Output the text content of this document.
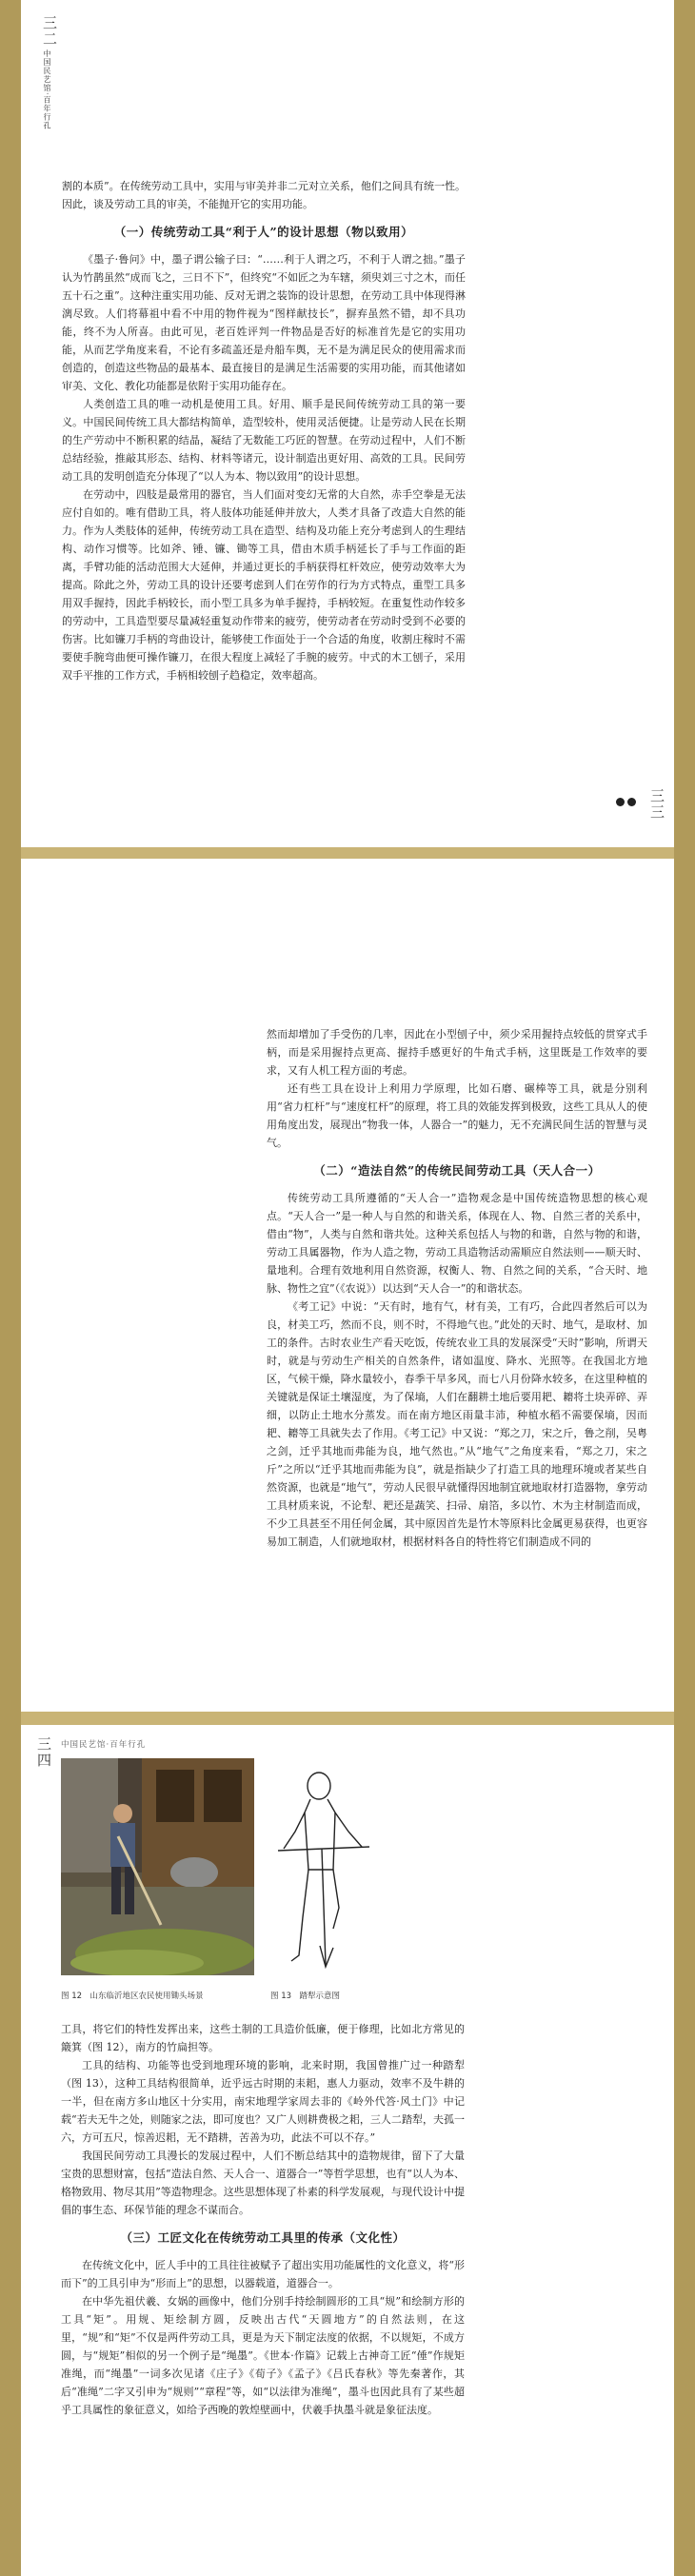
三二
中国民艺馆·百年行孔

割的本质”。在传统劳动工具中，实用与审美并非二元对立关系，他们之间具有统一性。因此，谈及劳动工具的审美，不能抛开它的实用功能。

（一）传统劳动工具“利于人”的设计思想（物以致用）

《墨子·鲁问》中，墨子谓公输子曰：“……利于人谓之巧，不利于人谓之拙。”墨子认为竹鹊虽然“成而飞之，三日不下”，但终究“不如匠之为车辖，须臾刘三寸之木，而任五十石之重”。这种注重实用功能、反对无谓之装饰的设计思想，在劳动工具中体现得淋漓尽致。人们将幕祖中看不中用的物件视为“图样献技长”，摒弃虽然不错，却不具功能，终不为人所喜。由此可见，老百姓评判一件物品是否好的标准首先是它的实用功能，从而艺学角度来看，不论有多疏盖还是舟船车舆，无不是为满足民众的使用需求而创造的，创造这些物品的最基本、最直接目的是满足生活需要的实用功能，而其他诸如审美、文化、教化功能都是依附于实用功能存在。

人类创造工具的唯一动机是使用工具。好用、顺手是民间传统劳动工具的第一要义。中国民间传统工具大都结构简单，造型较朴，使用灵活便捷。让是劳动人民在长期的生产劳动中不断积累的结晶，凝结了无数能工巧匠的智慧。在劳动过程中，人们不断总结经验，推敲其形态、结构、材料等诸元，设计制造出更好用、高效的工具。民间劳动工具的发明创造充分体现了“以人为本、物以致用”的设计思想。

在劳动中，四肢是最常用的器官，当人们面对变幻无常的大自然，赤手空拳是无法应付自如的。唯有借助工具，将人肢体功能延伸并放大，人类才具备了改造大自然的能力。作为人类肢体的延伸，传统劳动工具在造型、结构及功能上充分考虑到人的生理结构、动作习惯等。比如斧、锤、镰、锄等工具，借由木质手柄延长了手与工作面的距离，手臂功能的活动范围大大延伸，并通过更长的手柄获得杠杆效应，使劳动效率大为提高。除此之外，劳动工具的设计还要考虑到人们在劳作的行为方式特点，重型工具多用双手握持，因此手柄较长，而小型工具多为单手握持，手柄较短。在重复性动作较多的劳动中，工具造型要尽量减轻重复动作带来的疲劳，使劳动者在劳动时受到不必要的伤害。比如镰刀手柄的弯曲设计，能够使工作面处于一个合适的角度，收割庄稼时不需要使手腕弯曲便可操作镰刀，在很大程度上减轻了手腕的疲劳。中式的木工刨子，采用双手平推的工作方式，手柄相较刨子趋稳定，效率超高。

三三

然而却增加了手受伤的几率，因此在小型刨子中，须少采用握持点较低的贯穿式手柄，而是采用握持点更高、握持手感更好的牛角式手柄，这里既是工作效率的要求，又有人机工程方面的考虑。

还有些工具在设计上利用力学原理，比如石磨、碾棒等工具，就是分别利用“省力杠杆”与“速度杠杆”的原理，将工具的效能发挥到极致，这些工具从人的使用角度出发，展现出“物我一体，人器合一”的魅力，无不充满民间生活的智慧与灵气。

（二）“造法自然”的传统民间劳动工具（天人合一）

传统劳动工具所遵循的“天人合一”造物观念是中国传统造物思想的核心观点。“天人合一”是一种人与自然的和谐关系，体现在人、物、自然三者的关系中，借由“物”，人类与自然和谐共处。这种关系包括人与物的和谐，自然与物的和谐，劳动工具属器物，作为人造之物，劳动工具造物活动需顺应自然法则——顺天时、量地利。合理有效地利用自然资源，权衡人、物、自然之间的关系，“合天时、地脉、物性之宜”（《农说》）以达到“天人合一”的和谐状态。

《考工记》中说：“天有时，地有气，材有美，工有巧，合此四者然后可以为良，材美工巧，然而不良，则不时，不得地气也。”此处的天时、地气，是取材、加工的条件。古时农业生产看天吃饭，传统农业工具的发展深受“天时”影响，所谓天时，就是与劳动生产相关的自然条件，诸如温度、降水、光照等。在我国北方地区，气候干燥，降水量较小，春季干旱多风，而七八月份降水较多，在这里种植的关键就是保证土壤湿度，为了保墒，人们在翻耕土地后要用耙、耱将土块弄碎、弄细，以防止土地水分蒸发。而在南方地区雨量丰沛，种植水稻不需要保墒，因而耙、耱等工具就失去了作用。《考工记》中又说：“郑之刀，宋之斤，鲁之削，吴粤之剑，迁乎其地而弗能为良，地气然也。”从“地气”之角度来看，“郑之刀，宋之斤”之所以“迁乎其地而弗能为良”，就是指缺少了打造工具的地理环境或者某些自然资源，也就是“地气”，劳动人民很早就懂得因地制宜就地取材打造器物，拿劳动工具材质来说，不论犁、耙还是蔬笑、扫帚、扇箔，多以竹、木为主材制造而成，不少工具甚至不用任何金属，其中原因首先是竹木等原料比金属更易获得，也更容易加工制造，人们就地取材，根据材料各自的特性将它们制造成不同的

三四 中国民艺馆·百年行孔
图 12　山东临沂地区农民使用锄头场景	图 13　踏犁示意图

工具，将它们的特性发挥出来，这些土制的工具造价低廉，便于修理，比如北方常见的簸箕（图 12），南方的竹扁担等。

工具的结构、功能等也受到地理环境的影响，北来时期，我国曾推广过一种踏犁（图 13），这种工具结构很简单，近乎远古时期的耒耜，惠人力驱动，效率不及牛耕的一半，但在南方多山地区十分实用，南宋地理学家周去非的《岭外代答·风土门》中记载“若夫无牛之处，则随家之法，即可度也？又广人则耕费极之耜，三人二踏犁，夫孤一六，方可五尺，惊善迟耜，无不踏耕，苦善为功，此法不可以不存。”

我国民间劳动工具漫长的发展过程中，人们不断总结其中的造物规律，留下了大量宝贵的思想财富，包括“造法自然、天人合一、道器合一”等哲学思想，也有“以人为本、格物致用、物尽其用”等造物理念。这些思想体现了朴素的科学发展观，与现代设计中提倡的事生态、环保节能的理念不谋而合。

（三）工匠文化在传统劳动工具里的传承（文化性）

在传统文化中，匠人手中的工具往往被赋予了超出实用功能属性的文化意义，将“形而下”的工具引申为“形而上”的思想，以器载道，道器合一。

在中华先祖伏羲、女娲的画像中，他们分别手持绘制圆形的工具“规”和绘制方形的工具“矩”。用规、矩绘制方圆，反映出古代“天圆地方”的自然法则，在这里，“规”和“矩”不仅是两件劳动工具，更是为天下制定法度的依据，不以规矩，不成方圆，与“规矩”相似的另一个例子是“绳墨”。《世本·作篇》记载上古神奇工匠“倕”作规矩准绳，而“绳墨”一词多次见诸《庄子》《荀子》《孟子》《吕氏春秋》等先秦著作，其后“准绳”二字又引申为“规则”“章程”等，如“以法律为准绳”，墨斗也因此具有了某些超乎工具属性的象征意义，如给予西晚的敦煌壁画中，伏羲手执墨斗就是象征法度。
